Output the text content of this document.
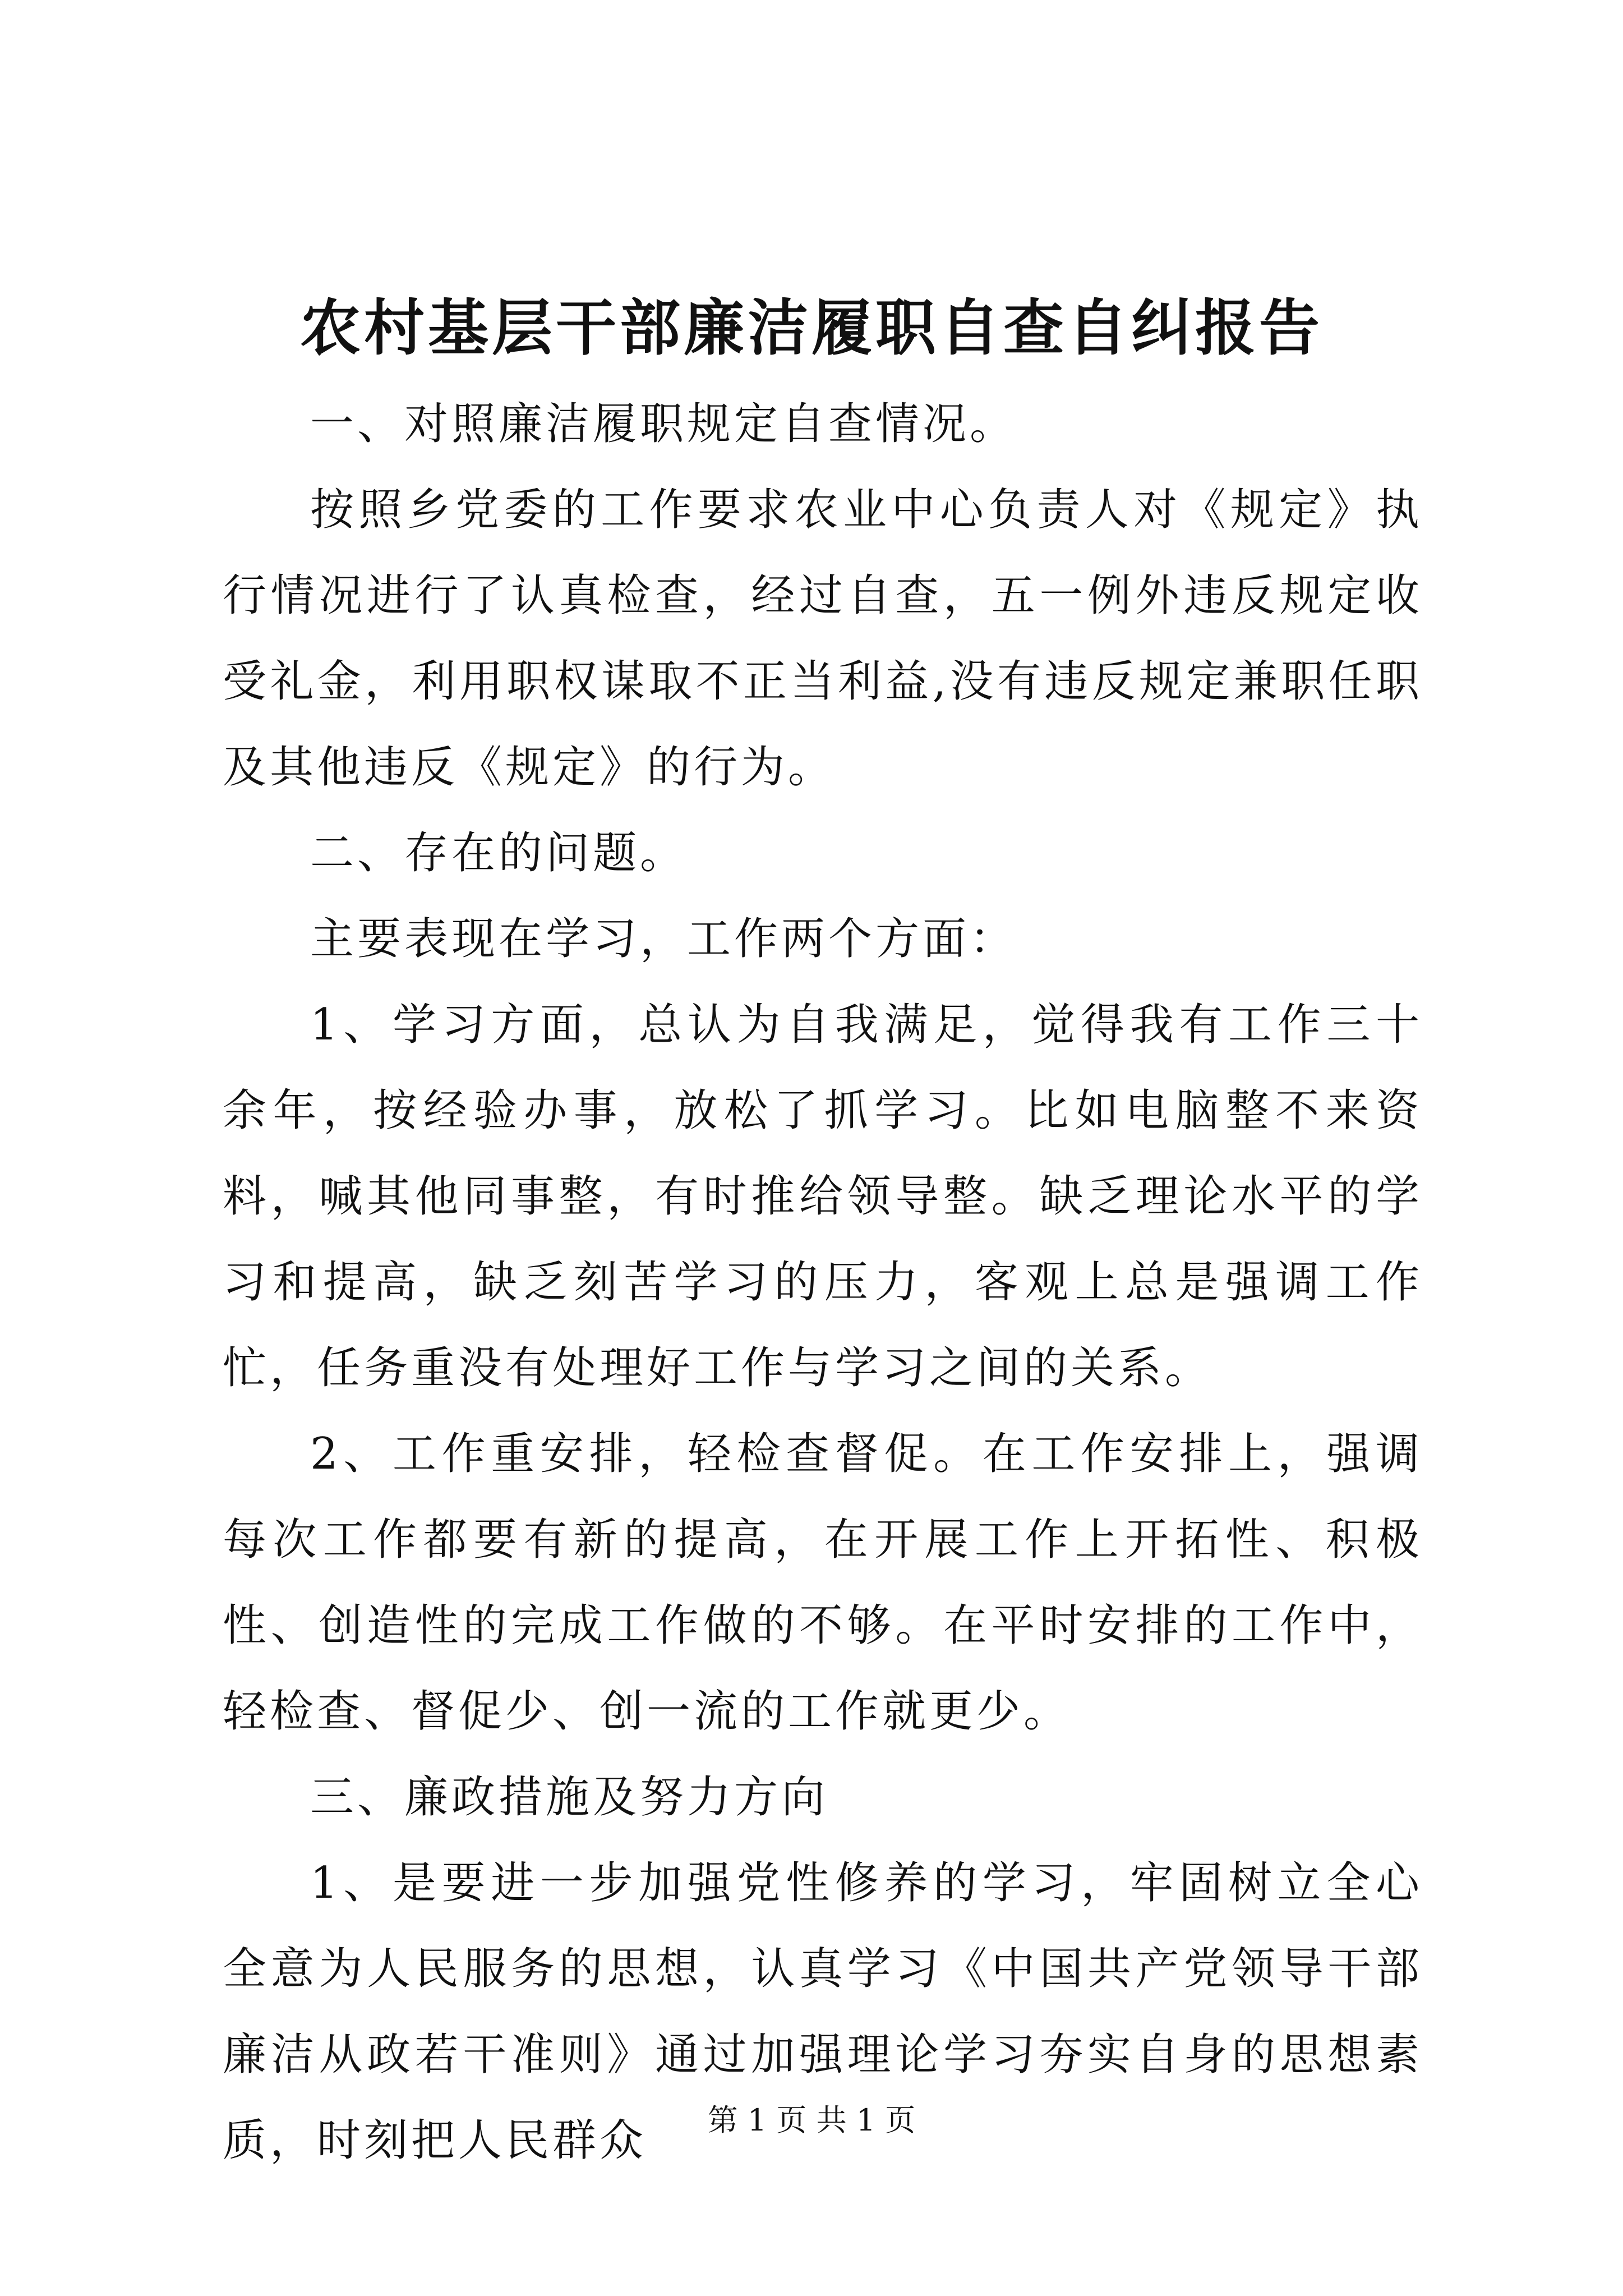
农村基层干部廉洁履职自查自纠报告

一、对照廉洁履职规定自查情况。

按照乡党委的工作要求农业中心负责人对《规定》执行情况进行了认真检查，经过自查，五一例外违反规定收受礼金，利用职权谋取不正当利益,没有违反规定兼职任职及其他违反《规定》的行为。

二、存在的问题。

主要表现在学习，工作两个方面：

1、学习方面，总认为自我满足，觉得我有工作三十余年，按经验办事，放松了抓学习。比如电脑整不来资料，喊其他同事整，有时推给领导整。缺乏理论水平的学习和提高，缺乏刻苦学习的压力，客观上总是强调工作忙，任务重没有处理好工作与学习之间的关系。

2、工作重安排，轻检查督促。在工作安排上，强调每次工作都要有新的提高，在开展工作上开拓性、积极性、创造性的完成工作做的不够。在平时安排的工作中，轻检查、督促少、创一流的工作就更少。

三、廉政措施及努力方向

1、是要进一步加强党性修养的学习，牢固树立全心全意为人民服务的思想，认真学习《中国共产党领导干部廉洁从政若干准则》通过加强理论学习夯实自身的思想素质，时刻把人民群众	第 1 页 共 1 页
